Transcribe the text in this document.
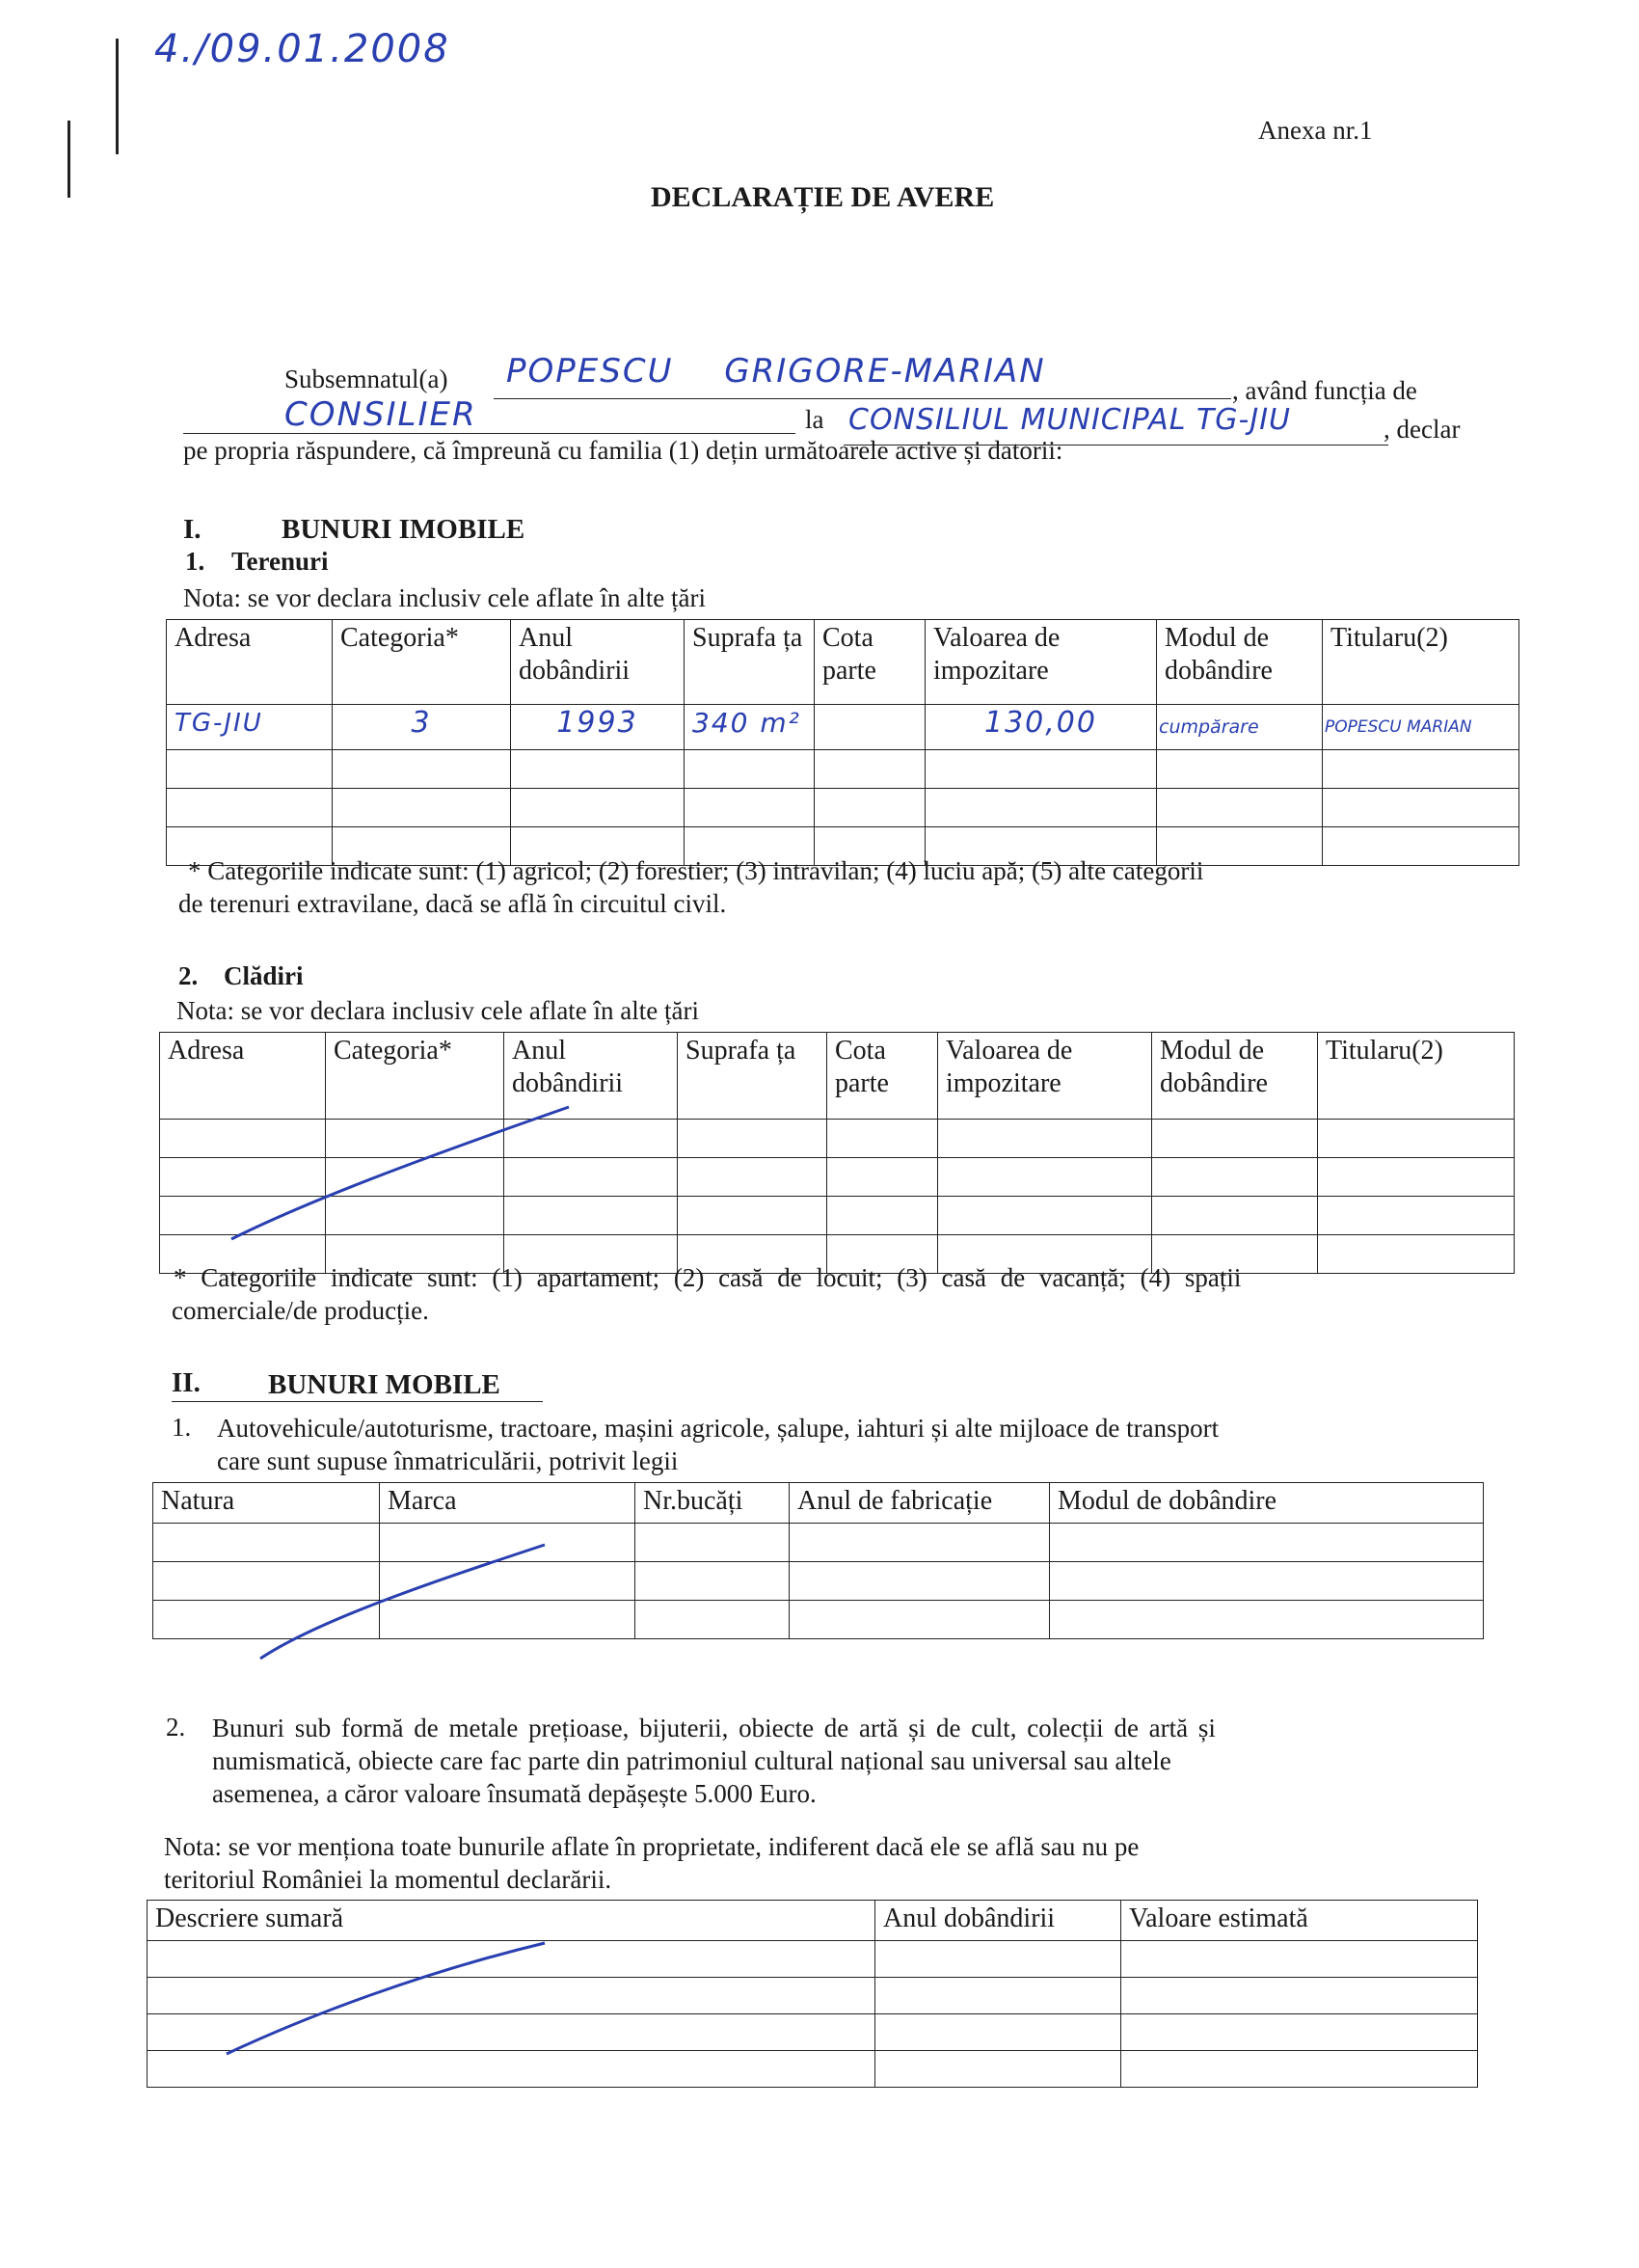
4./09.01.2008
Anexa nr.1
DECLARAȚIE DE AVERE
Subsemnatul(a) POPESCU GRIGORE-MARIAN	, având funcția de
CONSILIER	la CONSILIUL MUNICIPAL TG-JIU	, declar
pe propria răspundere, că împreună cu familia (1) dețin următoarele active și datorii:
I.	BUNURI IMOBILE
1. Terenuri
Nota: se vor declara inclusiv cele aflate în alte țări
Adresa	Categoria*	Anul dobândirii	Suprafa ța	Cota parte	Valoarea de impozitare	Modul de dobândire	Titularu(2)
TG-JIU	3	1993	340 m²		130,00	cumpărare	POPESCU MARIAN

* Categoriile indicate sunt: (1) agricol; (2) forestier; (3) intravilan; (4) luciu apă; (5) alte categorii
de terenuri extravilane, dacă se află în circuitul civil.
2. Clădiri
Nota: se vor declara inclusiv cele aflate în alte țări
Adresa	Categoria*	Anul dobândirii	Suprafa ța	Cota parte	Valoarea de impozitare	Modul de dobândire	Titularu(2)

* Categoriile indicate sunt: (1) apartament; (2) casă de locuit; (3) casă de vacanță; (4) spații
comerciale/de producție.
II. BUNURI MOBILE
1. Autovehicule/autoturisme, tractoare, mașini agricole, șalupe, iahturi și alte mijloace de transport
care sunt supuse înmatriculării, potrivit legii
Natura	Marca	Nr.bucăți	Anul de fabricație	Modul de dobândire

2. Bunuri sub formă de metale prețioase, bijuterii, obiecte de artă și de cult, colecții de artă și
numismatică, obiecte care fac parte din patrimoniul cultural național sau universal sau altele
asemenea, a căror valoare însumată depășește 5.000 Euro.
Nota: se vor menționa toate bunurile aflate în proprietate, indiferent dacă ele se află sau nu pe
teritoriul României la momentul declarării.
Descriere sumară	Anul dobândirii	Valoare estimată
